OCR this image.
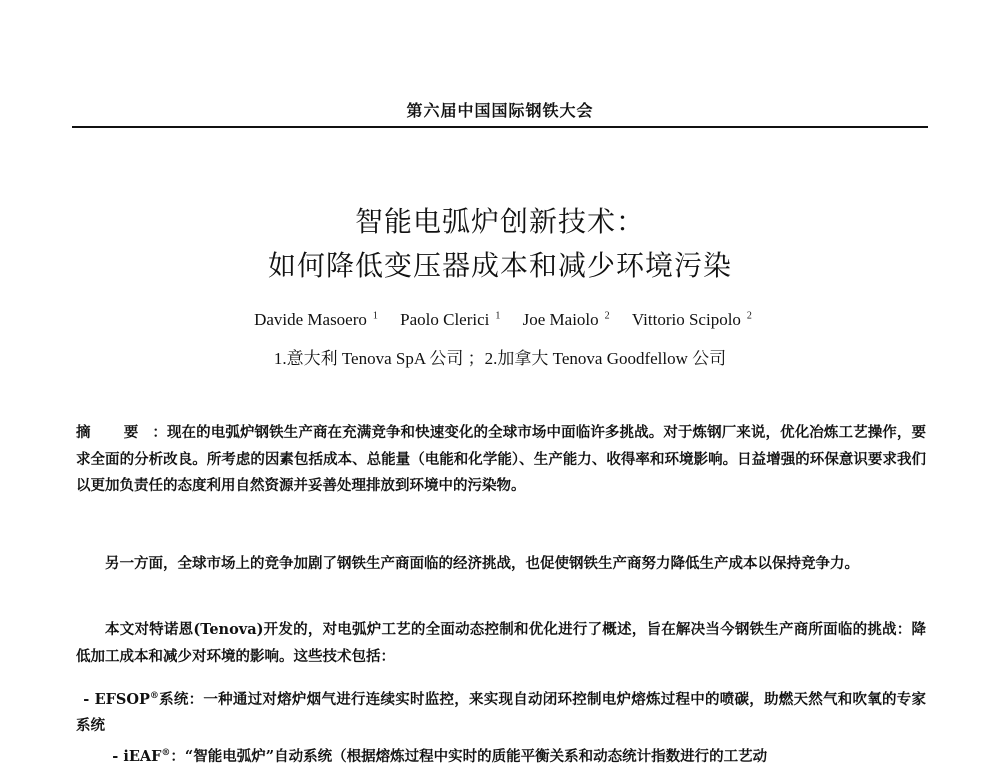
第六届中国国际钢铁大会
智能电弧炉创新技术：
如何降低变压器成本和减少环境污染
Davide Masoero $^1$ Paolo Clerici $^1$ Joe Maiolo $^2$ Vittorio Scipolo $^2$
1.意大利 Tenova SpA 公司 ；2.加拿大 Tenova Goodfellow 公司

摘 要：现在的电弧炉钢铁生产商在充满竞争和快速变化的全球市场中面临许多挑战。对于炼钢厂来说，优化冶炼工艺操作，要求全面的分析改良。所考虑的因素包括成本、总能量（电能和化学能）、生产能力、收得率和环境影响。日益增强的环保意识要求我们以更加负责任的态度利用自然资源并妥善处理排放到环境中的污染物。

另一方面，全球市场上的竞争加剧了钢铁生产商面临的经济挑战，也促使钢铁生产商努力降低生产成本以保持竞争力。
本文对特诺恩(Tenova)开发的，对电弧炉工艺的全面动态控制和优化进行了概述，旨在解决当今钢铁生产商所面临的挑战：降低加工成本和减少对环境的影响。这些技术包括：
- EFSOP®系统：一种通过对熔炉烟气进行连续实时监控，来实现自动闭环控制电炉熔炼过程中的喷碳，助燃天然气和吹氧的专家系统
- iEAF®：“智能电弧炉”自动系统（根据熔炼过程中实时的质能平衡关系和动态统计指数进行的工艺动
